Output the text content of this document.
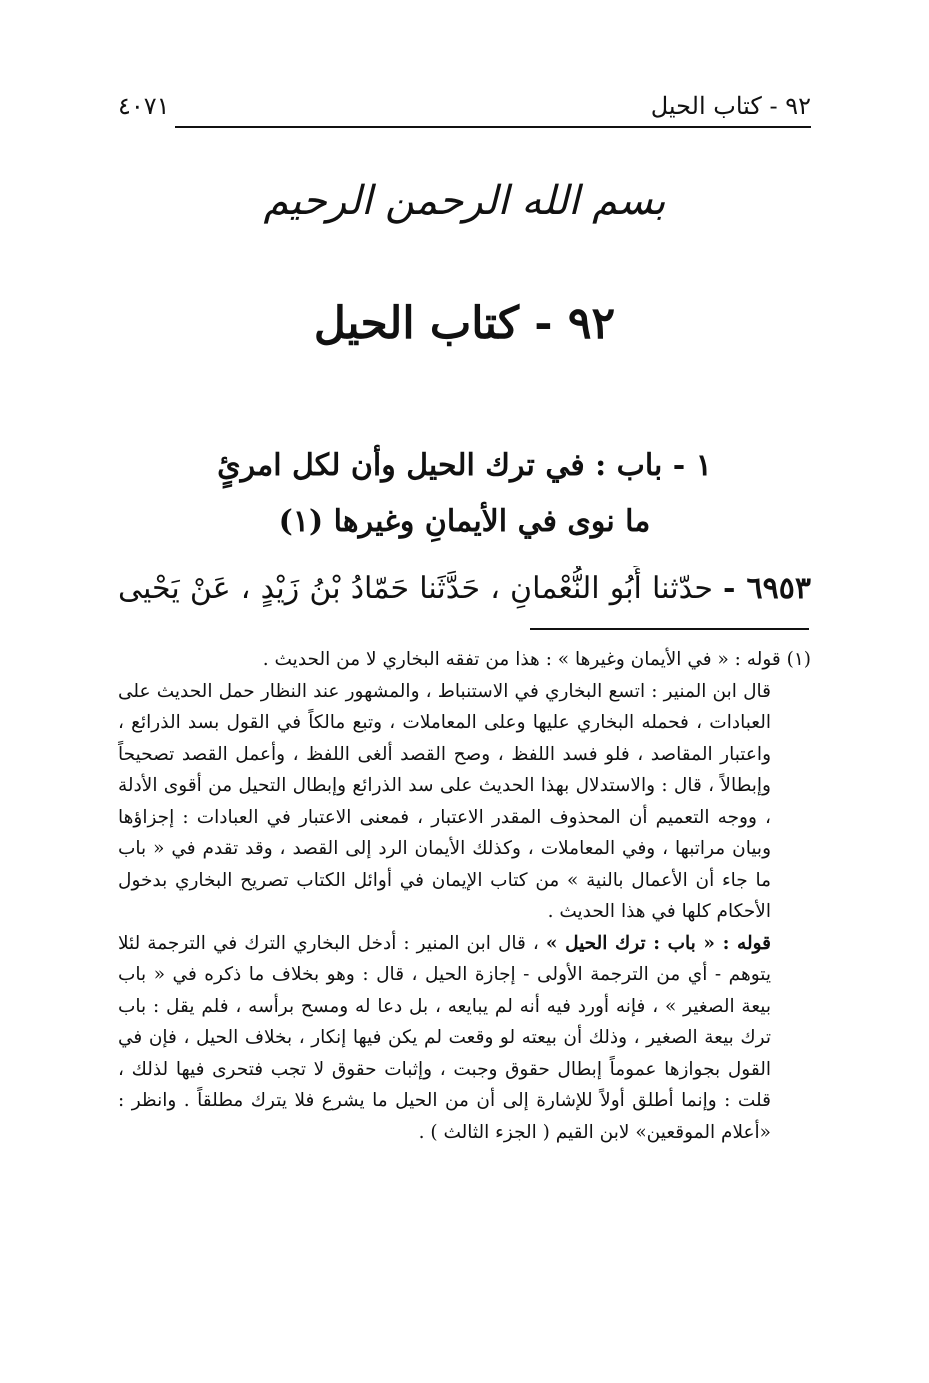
٩٢ - كتاب الحيل
٤٠٧١
بسم الله الرحمن الرحيم
٩٢ - كتاب الحيل
١ - باب : في ترك الحيل وأن لكل امرئٍ
ما نوى في الأيمانِ وغيرها (١)
٦٩٥٣ - حدّثنا أَبُو النُّعْمانِ ، حَدَّثَنا حَمّادُ بْنُ زَيْدٍ ، عَنْ يَحْيى

(١) قوله : « في الأيمان وغيرها » : هذا من تفقه البخاري لا من الحديث .

قال ابن المنير : اتسع البخاري في الاستنباط ، والمشهور عند النظار حمل الحديث على العبادات ، فحمله البخاري عليها وعلى المعاملات ، وتبع مالكاً في القول بسد الذرائع ، واعتبار المقاصد ، فلو فسد اللفظ ، وصح القصد ألغى اللفظ ، وأعمل القصد تصحيحاً وإبطالاً ، قال : والاستدلال بهذا الحديث على سد الذرائع وإبطال التحيل من أقوى الأدلة ، ووجه التعميم أن المحذوف المقدر الاعتبار ، فمعنى الاعتبار في العبادات : إجزاؤها وبيان مراتبها ، وفي المعاملات ، وكذلك الأيمان الرد إلى القصد ، وقد تقدم في « باب ما جاء أن الأعمال بالنية » من كتاب الإيمان في أوائل الكتاب تصريح البخاري بدخول الأحكام كلها في هذا الحديث .

قوله : « باب : ترك الحيل » ، قال ابن المنير : أدخل البخاري الترك في الترجمة لئلا يتوهم - أي من الترجمة الأولى - إجازة الحيل ، قال : وهو بخلاف ما ذكره في « باب بيعة الصغير » ، فإنه أورد فيه أنه لم يبايعه ، بل دعا له ومسح برأسه ، فلم يقل : باب ترك بيعة الصغير ، وذلك أن بيعته لو وقعت لم يكن فيها إنكار ، بخلاف الحيل ، فإن في القول بجوازها عموماً إبطال حقوق وجبت ، وإثبات حقوق لا تجب فتحرى فيها لذلك ، قلت : وإنما أطلق أولاً للإشارة إلى أن من الحيل ما يشرع فلا يترك مطلقاً . وانظر : «أعلام الموقعين» لابن القيم ( الجزء الثالث ) .
